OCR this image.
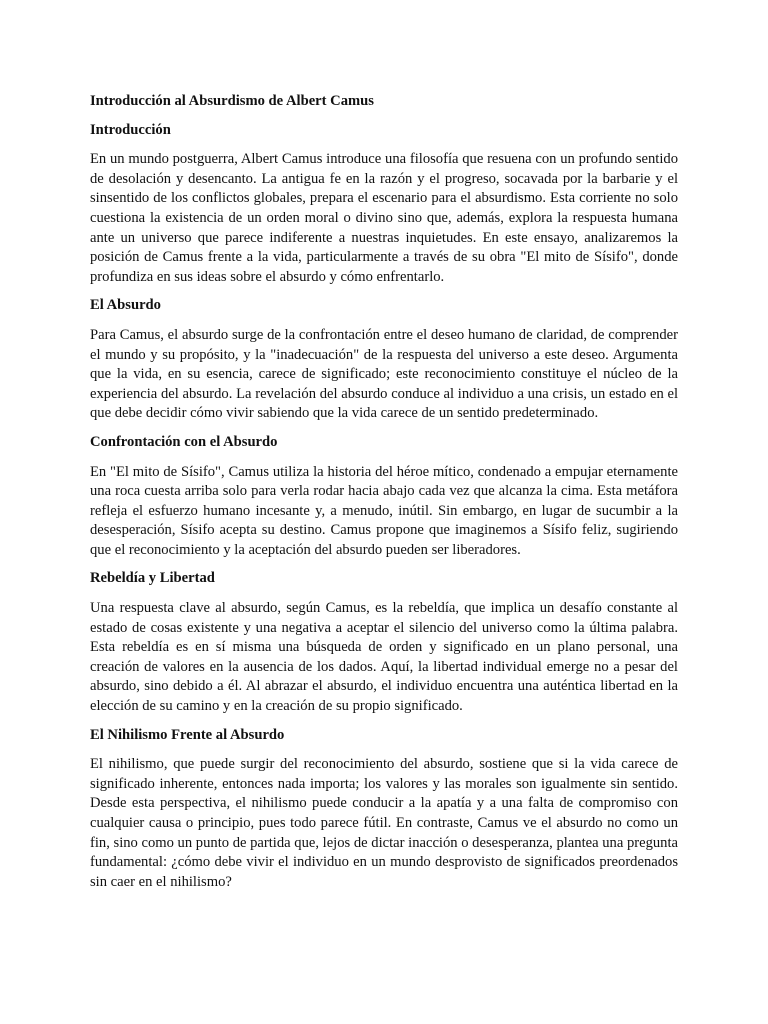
Introducción al Absurdismo de Albert Camus
Introducción

En un mundo postguerra, Albert Camus introduce una filosofía que resuena con un profundo sentido de desolación y desencanto. La antigua fe en la razón y el progreso, socavada por la barbarie y el sinsentido de los conflictos globales, prepara el escenario para el absurdismo. Esta corriente no solo cuestiona la existencia de un orden moral o divino sino que, además, explora la respuesta humana ante un universo que parece indiferente a nuestras inquietudes. En este ensayo, analizaremos la posición de Camus frente a la vida, particularmente a través de su obra "El mito de Sísifo", donde profundiza en sus ideas sobre el absurdo y cómo enfrentarlo.

El Absurdo

Para Camus, el absurdo surge de la confrontación entre el deseo humano de claridad, de comprender el mundo y su propósito, y la "inadecuación" de la respuesta del universo a este deseo. Argumenta que la vida, en su esencia, carece de significado; este reconocimiento constituye el núcleo de la experiencia del absurdo. La revelación del absurdo conduce al individuo a una crisis, un estado en el que debe decidir cómo vivir sabiendo que la vida carece de un sentido predeterminado.

Confrontación con el Absurdo

En "El mito de Sísifo", Camus utiliza la historia del héroe mítico, condenado a empujar eternamente una roca cuesta arriba solo para verla rodar hacia abajo cada vez que alcanza la cima. Esta metáfora refleja el esfuerzo humano incesante y, a menudo, inútil. Sin embargo, en lugar de sucumbir a la desesperación, Sísifo acepta su destino. Camus propone que imaginemos a Sísifo feliz, sugiriendo que el reconocimiento y la aceptación del absurdo pueden ser liberadores.

Rebeldía y Libertad

Una respuesta clave al absurdo, según Camus, es la rebeldía, que implica un desafío constante al estado de cosas existente y una negativa a aceptar el silencio del universo como la última palabra. Esta rebeldía es en sí misma una búsqueda de orden y significado en un plano personal, una creación de valores en la ausencia de los dados. Aquí, la libertad individual emerge no a pesar del absurdo, sino debido a él. Al abrazar el absurdo, el individuo encuentra una auténtica libertad en la elección de su camino y en la creación de su propio significado.

El Nihilismo Frente al Absurdo

El nihilismo, que puede surgir del reconocimiento del absurdo, sostiene que si la vida carece de significado inherente, entonces nada importa; los valores y las morales son igualmente sin sentido. Desde esta perspectiva, el nihilismo puede conducir a la apatía y a una falta de compromiso con cualquier causa o principio, pues todo parece fútil. En contraste, Camus ve el absurdo no como un fin, sino como un punto de partida que, lejos de dictar inacción o desesperanza, plantea una pregunta fundamental: ¿cómo debe vivir el individuo en un mundo desprovisto de significados preordenados sin caer en el nihilismo?
